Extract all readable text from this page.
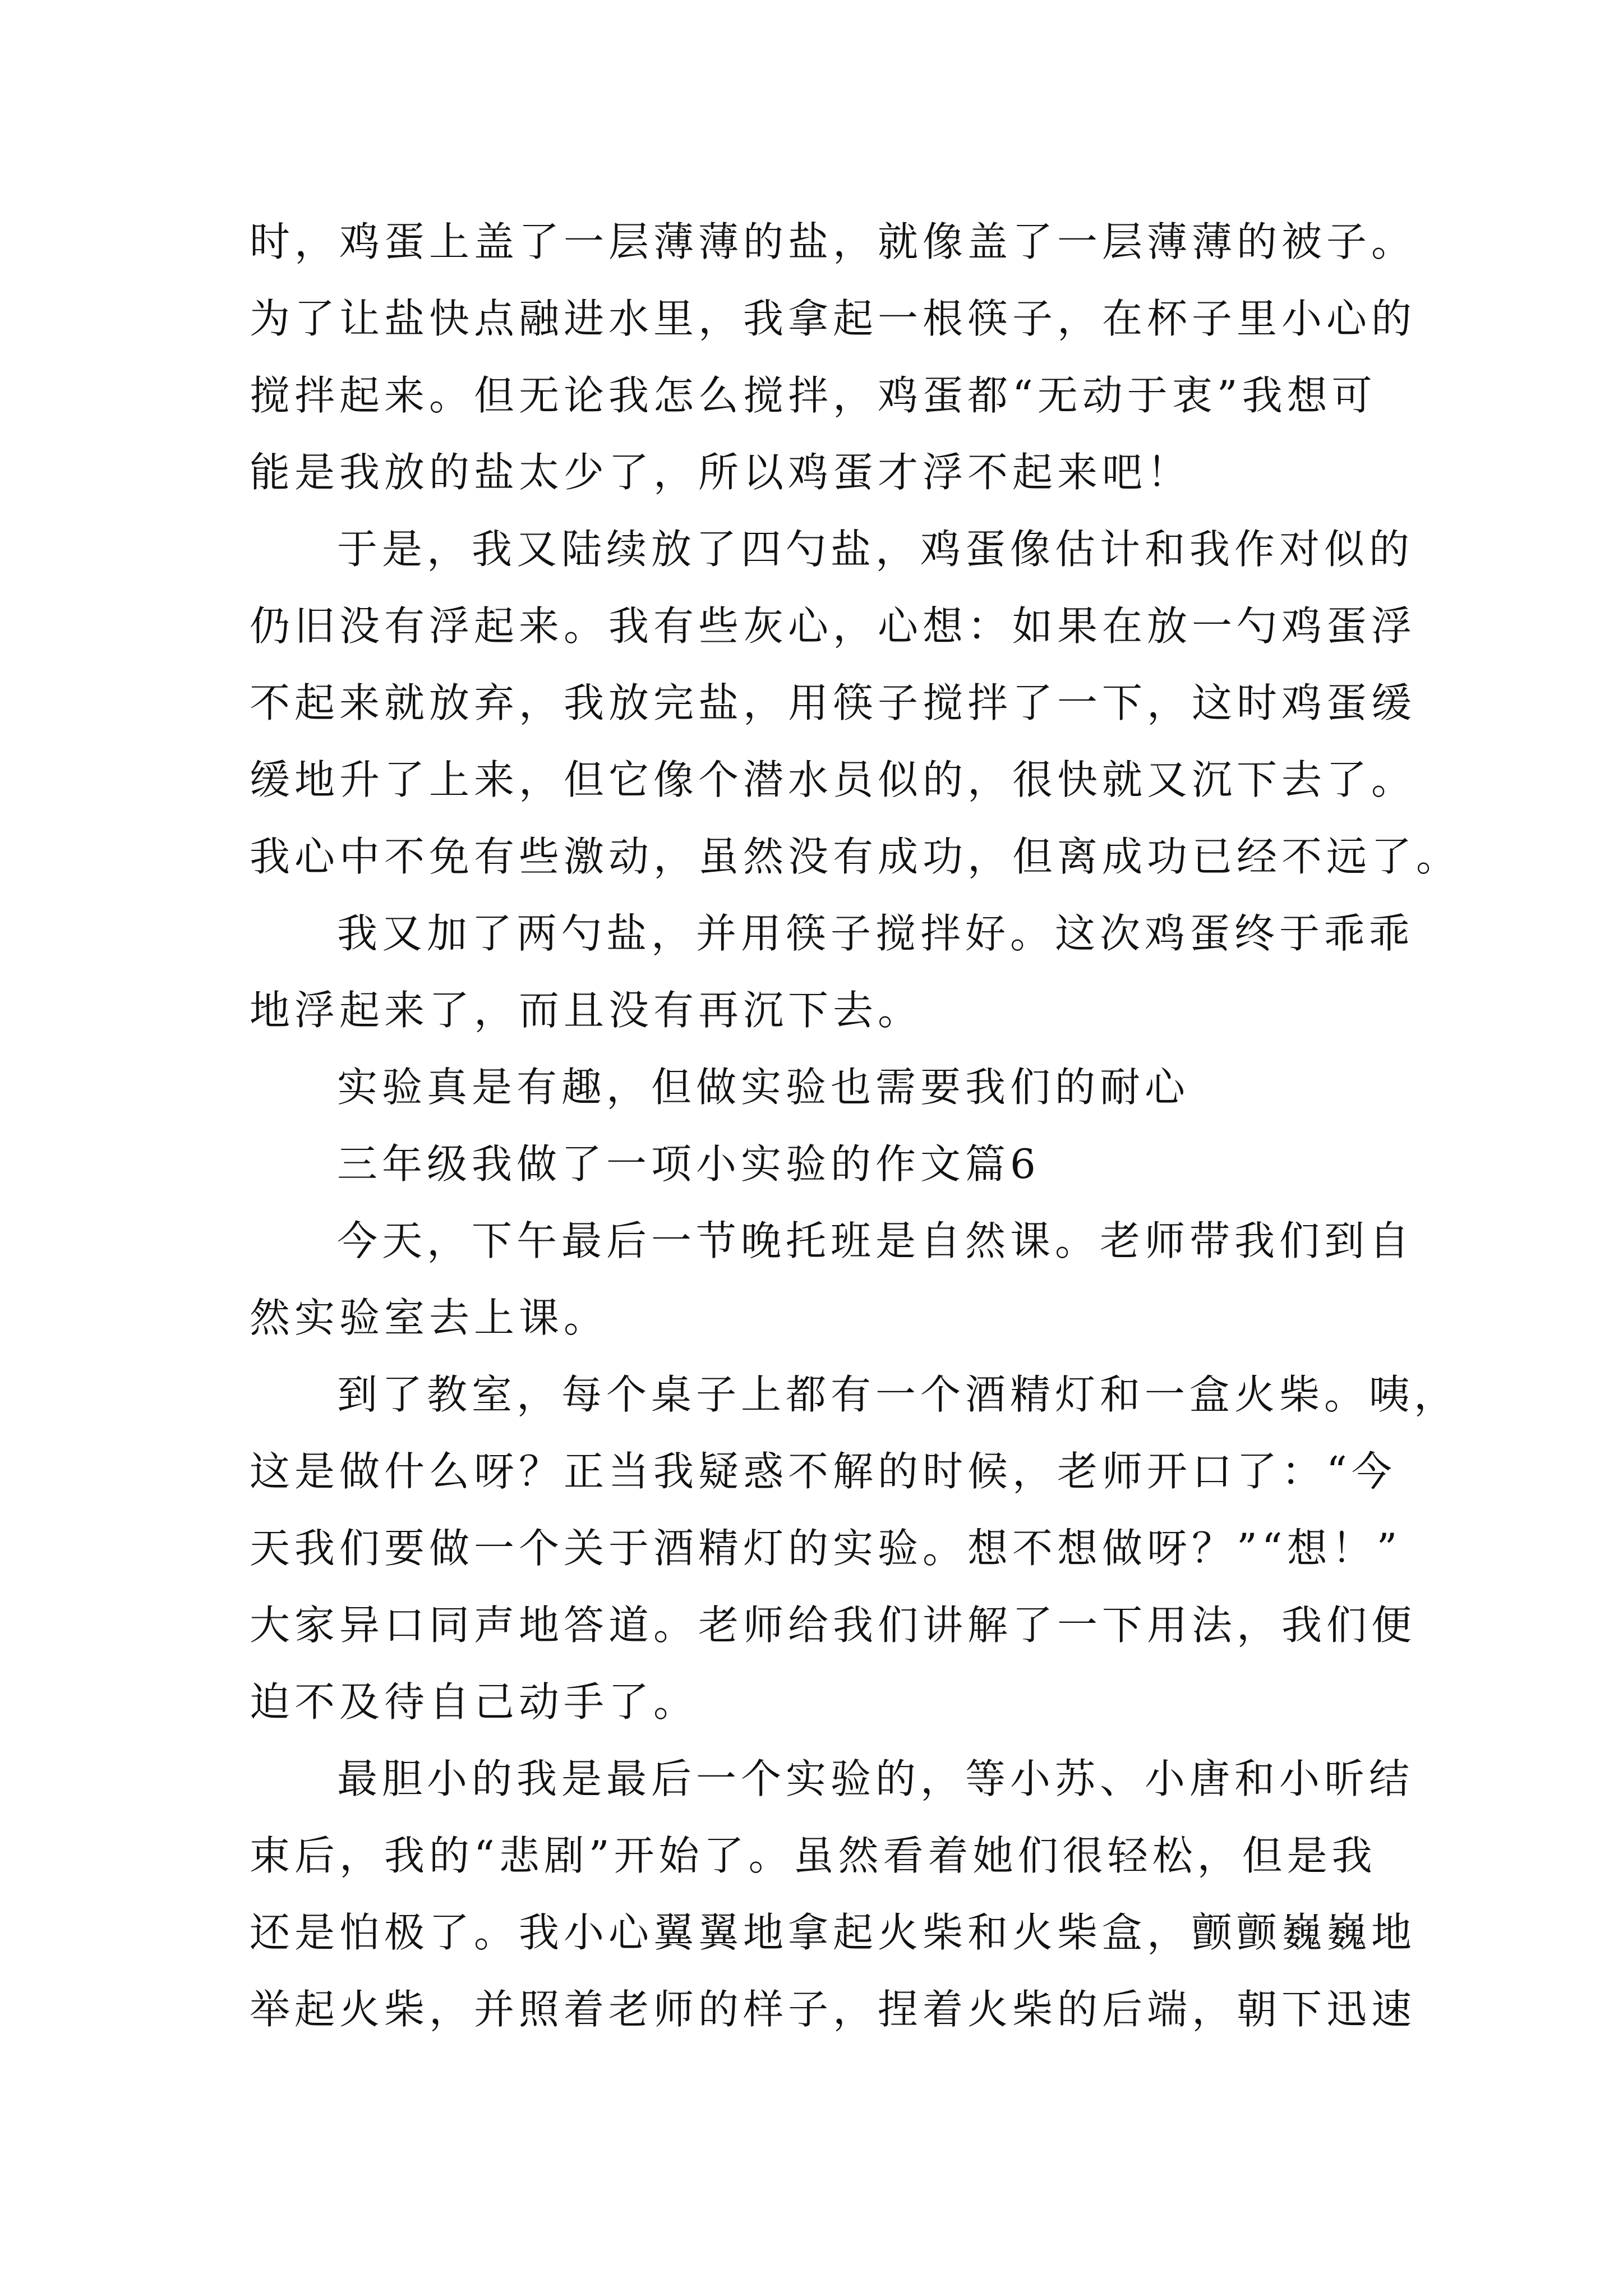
时，鸡蛋上盖了一层薄薄的盐，就像盖了一层薄薄的被子。
为了让盐快点融进水里，我拿起一根筷子，在杯子里小心的
搅拌起来。但无论我怎么搅拌，鸡蛋都“无动于衷”我想可
能是我放的盐太少了，所以鸡蛋才浮不起来吧！
于是，我又陆续放了四勺盐，鸡蛋像估计和我作对似的
仍旧没有浮起来。我有些灰心，心想：如果在放一勺鸡蛋浮
不起来就放弃，我放完盐，用筷子搅拌了一下，这时鸡蛋缓
缓地升了上来，但它像个潜水员似的，很快就又沉下去了。
我心中不免有些激动，虽然没有成功，但离成功已经不远了。
我又加了两勺盐，并用筷子搅拌好。这次鸡蛋终于乖乖
地浮起来了，而且没有再沉下去。
实验真是有趣，但做实验也需要我们的耐心
三年级我做了一项小实验的作文篇6
今天，下午最后一节晚托班是自然课。老师带我们到自
然实验室去上课。
到了教室，每个桌子上都有一个酒精灯和一盒火柴。咦，
这是做什么呀？正当我疑惑不解的时候，老师开口了：“今
天我们要做一个关于酒精灯的实验。想不想做呀？”“想！”
大家异口同声地答道。老师给我们讲解了一下用法，我们便
迫不及待自己动手了。
最胆小的我是最后一个实验的，等小苏、小唐和小昕结
束后，我的“悲剧”开始了。虽然看着她们很轻松，但是我
还是怕极了。我小心翼翼地拿起火柴和火柴盒，颤颤巍巍地
举起火柴，并照着老师的样子，捏着火柴的后端，朝下迅速
